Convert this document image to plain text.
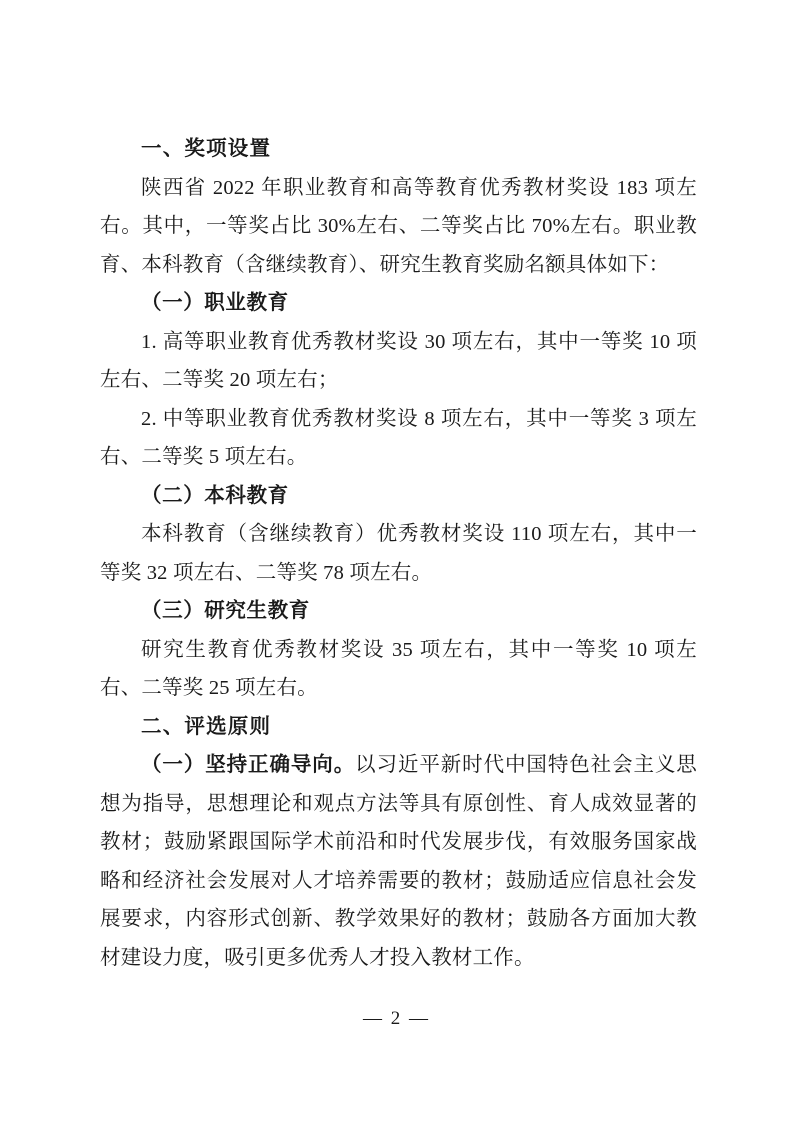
一、奖项设置

陕西省 2022 年职业教育和高等教育优秀教材奖设 183 项左右。其中，一等奖占比 30%左右、二等奖占比 70%左右。职业教育、本科教育（含继续教育）、研究生教育奖励名额具体如下：

（一）职业教育

1. 高等职业教育优秀教材奖设 30 项左右，其中一等奖 10 项左右、二等奖 20 项左右；

2. 中等职业教育优秀教材奖设 8 项左右，其中一等奖 3 项左右、二等奖 5 项左右。

（二）本科教育

本科教育（含继续教育）优秀教材奖设 110 项左右，其中一等奖 32 项左右、二等奖 78 项左右。

（三）研究生教育

研究生教育优秀教材奖设 35 项左右，其中一等奖 10 项左右、二等奖 25 项左右。

二、评选原则

（一）坚持正确导向。以习近平新时代中国特色社会主义思想为指导，思想理论和观点方法等具有原创性、育人成效显著的教材；鼓励紧跟国际学术前沿和时代发展步伐，有效服务国家战略和经济社会发展对人才培养需要的教材；鼓励适应信息社会发展要求，内容形式创新、教学效果好的教材；鼓励各方面加大教材建设力度，吸引更多优秀人才投入教材工作。

— 2 —
